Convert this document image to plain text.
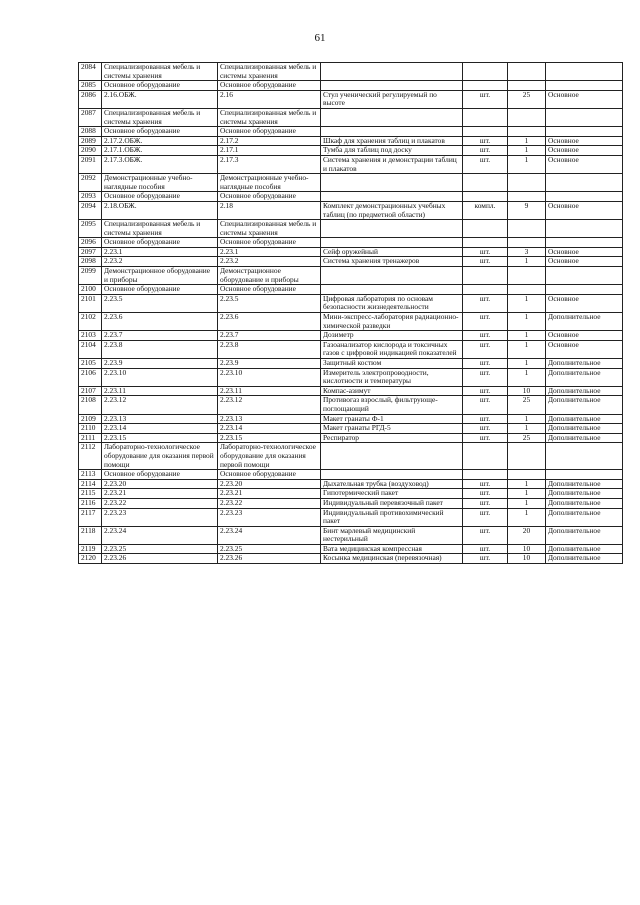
61
2084	Специализированная мебель и системы хранения	Специализированная мебель и системы хранения				
2085	Основное оборудование	Основное оборудование				
2086	2.16.ОБЖ.	2.16	Стул ученический регулируемый по высоте	шт.	25	Основное
2087	Специализированная мебель и системы хранения	Специализированная мебель и системы хранения				
2088	Основное оборудование	Основное оборудование				
2089	2.17.2.ОБЖ.	2.17.2	Шкаф для хранения таблиц и плакатов	шт.	1	Основное
2090	2.17.1.ОБЖ.	2.17.1	Тумба для таблиц под доску	шт.	1	Основное
2091	2.17.3.ОБЖ.	2.17.3	Система хранения и демонстрации таблиц и плакатов	шт.	1	Основное
2092	Демонстрационные учебно-наглядные пособия	Демонстрационные учебно-наглядные пособия				
2093	Основное оборудование	Основное оборудование				
2094	2.18.ОБЖ.	2.18	Комплект демонстрационных учебных таблиц (по предметной области)	компл.	9	Основное
2095	Специализированная мебель и системы хранения	Специализированная мебель и системы хранения				
2096	Основное оборудование	Основное оборудование				
2097	2.23.1	2.23.1	Сейф оружейный	шт.	3	Основное
2098	2.23.2	2.23.2	Система хранения тренажеров	шт.	1	Основное
2099	Демонстрационное оборудование и приборы	Демонстрационное оборудование и приборы				
2100	Основное оборудование	Основное оборудование				
2101	2.23.5	2.23.5	Цифровая лаборатория по основам безопасности жизнедеятельности	шт.	1	Основное
2102	2.23.6	2.23.6	Мини-экспресс-лаборатория радиационно-химической разведки	шт.	1	Дополнительное
2103	2.23.7	2.23.7	Дозиметр	шт.	1	Основное
2104	2.23.8	2.23.8	Газоанализатор кислорода и токсичных газов с цифровой индикацией показателей	шт.	1	Основное
2105	2.23.9	2.23.9	Защитный костюм	шт.	1	Дополнительное
2106	2.23.10	2.23.10	Измеритель электропроводности, кислотности и температуры	шт.	1	Дополнительное
2107	2.23.11	2.23.11	Компас-азимут	шт.	10	Дополнительное
2108	2.23.12	2.23.12	Противогаз взрослый, фильтрующе-поглощающий	шт.	25	Дополнительное
2109	2.23.13	2.23.13	Макет гранаты Ф-1	шт.	1	Дополнительное
2110	2.23.14	2.23.14	Макет гранаты РГД-5	шт.	1	Дополнительное
2111	2.23.15	2.23.15	Респиратор	шт.	25	Дополнительное
2112	Лабораторно-технологическое оборудование для оказания первой помощи	Лабораторно-технологическое оборудование для оказания первой помощи				
2113	Основное оборудование	Основное оборудование				
2114	2.23.20	2.23.20	Дыхательная трубка (воздуховод)	шт.	1	Дополнительное
2115	2.23.21	2.23.21	Гипотермический пакет	шт.	1	Дополнительное
2116	2.23.22	2.23.22	Индивидуальный перевязочный пакет	шт.	1	Дополнительное
2117	2.23.23	2.23.23	Индивидуальный противохимический пакет	шт.	1	Дополнительное
2118	2.23.24	2.23.24	Бинт марлевый медицинский нестерильный	шт.	20	Дополнительное
2119	2.23.25	2.23.25	Вата медицинская компрессная	шт.	10	Дополнительное
2120	2.23.26	2.23.26	Косынка медицинская (перевязочная)	шт.	10	Дополнительное
